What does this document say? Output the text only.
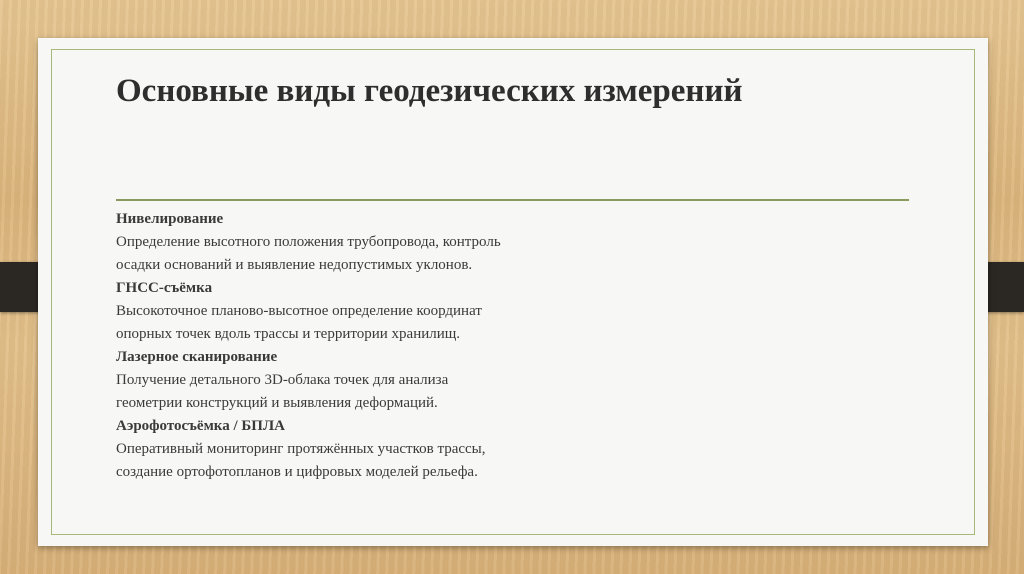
Основные виды геодезических измерений
Нивелирование
Определение высотного положения трубопровода, контроль
осадки оснований и выявление недопустимых уклонов.
ГНСС-съёмка
Высокоточное планово-высотное определение координат
опорных точек вдоль трассы и территории хранилищ.
Лазерное сканирование
Получение детального 3D-облака точек для анализа
геометрии конструкций и выявления деформаций.
Аэрофотосъёмка / БПЛА
Оперативный мониторинг протяжённых участков трассы,
создание ортофотопланов и цифровых моделей рельефа.
